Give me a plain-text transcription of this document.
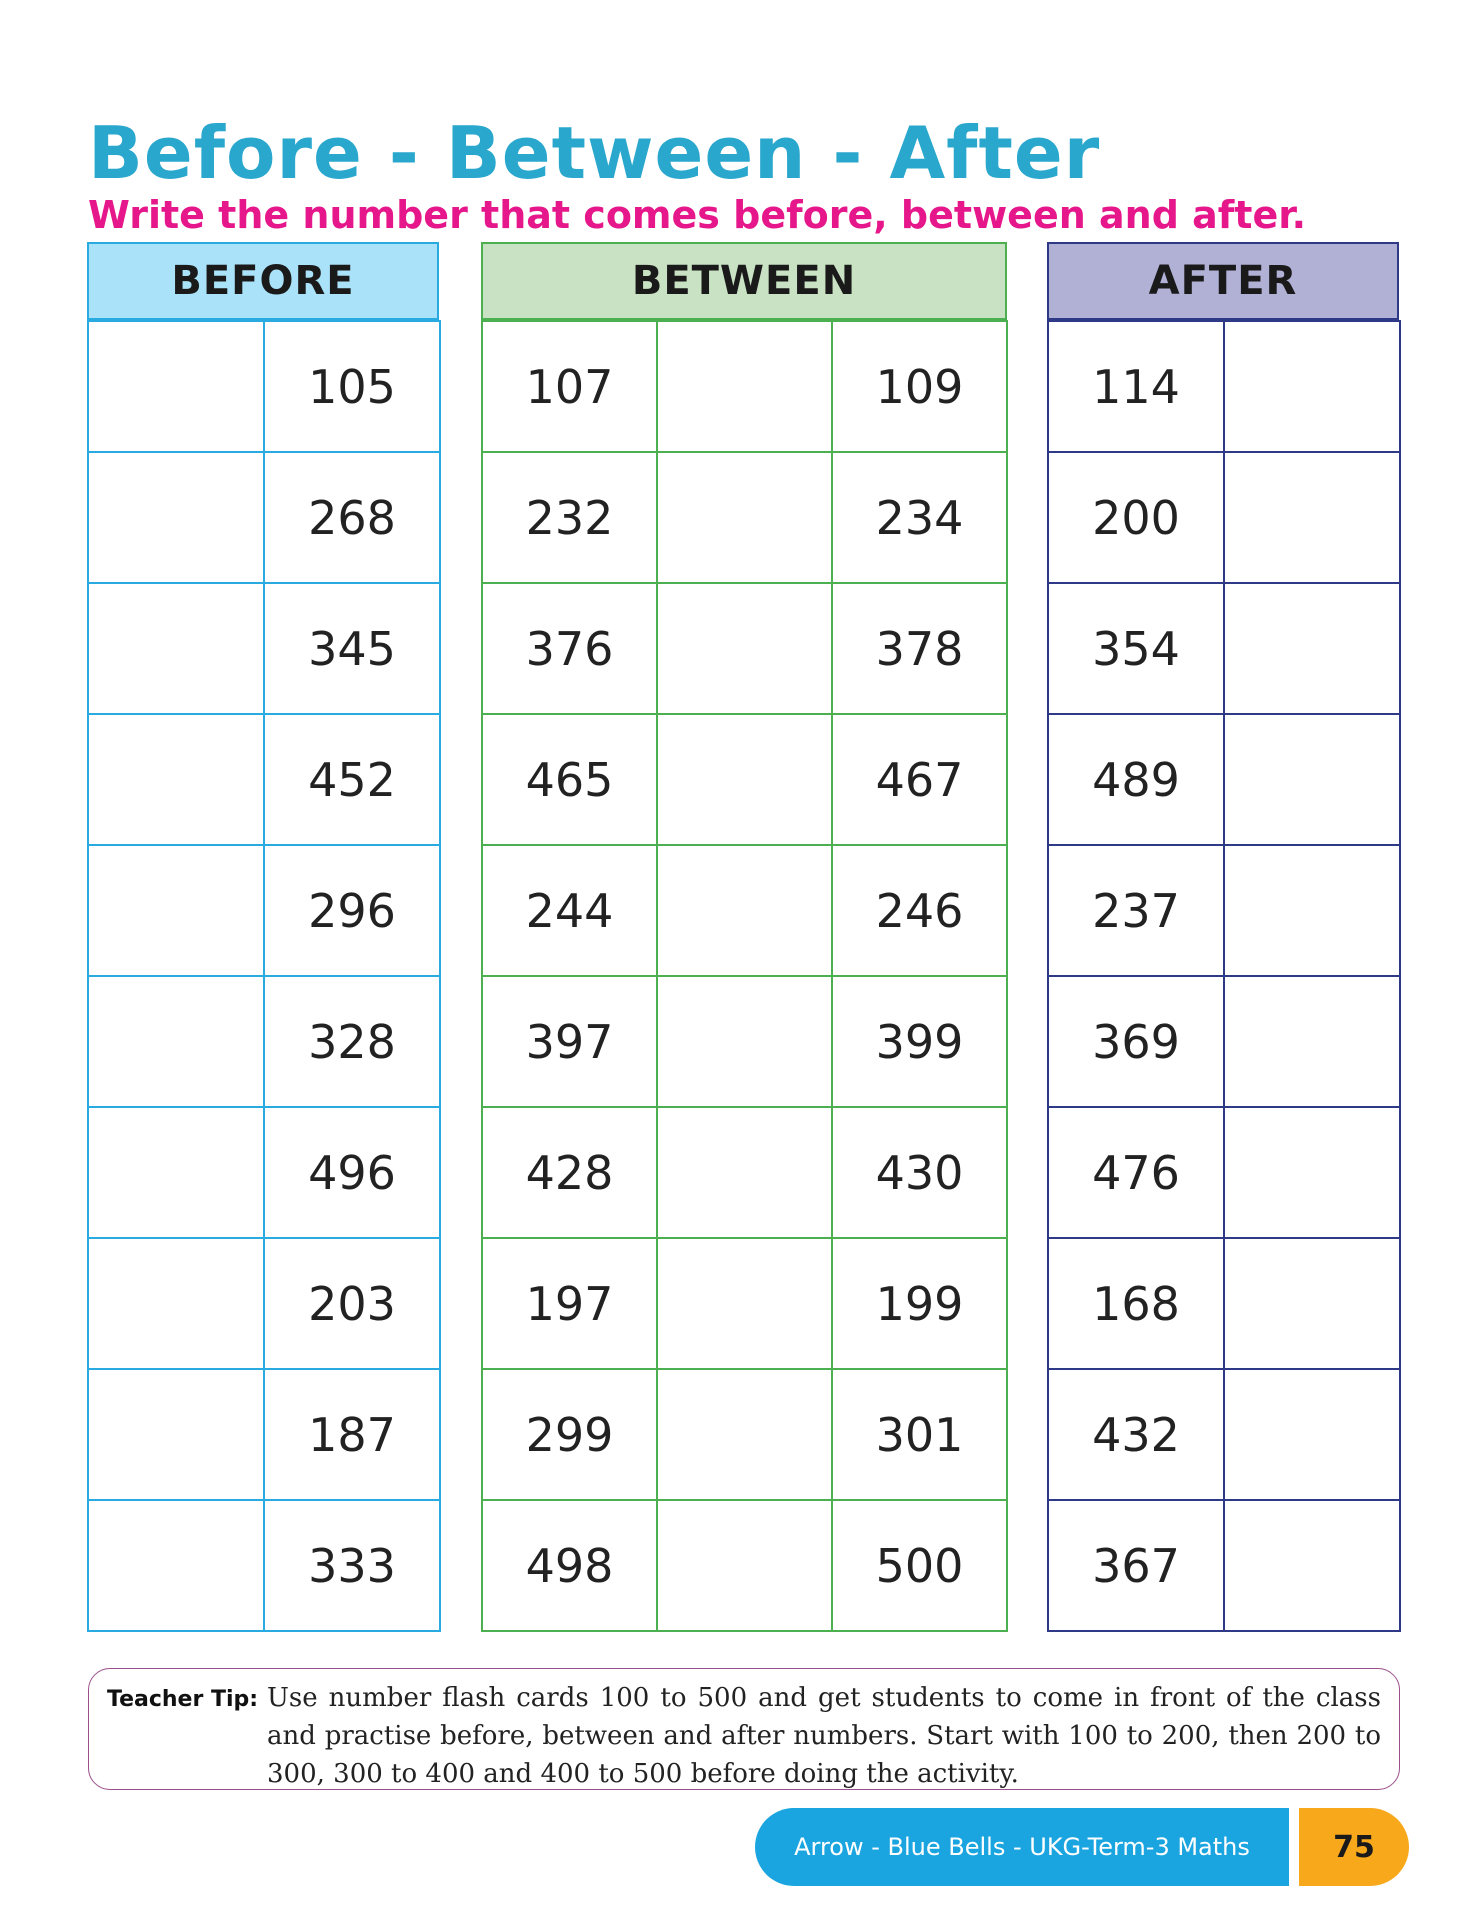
Before - Between - After

Write the number that comes before, between and after.

BEFORE
	105
	268
	345
	452
	296
	328
	496
	203
	187
	333
BETWEEN
107		109
232		234
376		378
465		467
244		246
397		399
428		430
197		199
299		301
498		500
AFTER
114	
200	
354	
489	
237	
369	
476	
168	
432	
367	
Teacher Tip: Use number flash cards 100 to 500 and get students to come in front of the class and practise before, between and after numbers. Start with 100 to 200, then 200 to 300, 300 to 400 and 400 to 500 before doing the activity.
Arrow - Blue Bells - UKG-Term-3 Maths	75
